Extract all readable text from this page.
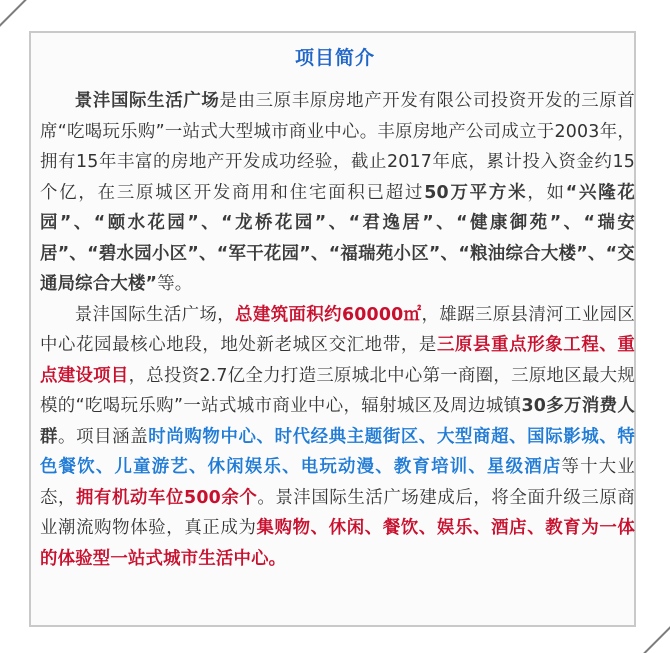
项目简介

景沣国际生活广场是由三原丰原房地产开发有限公司投资开发的三原首席“吃喝玩乐购”一站式大型城市商业中心。丰原房地产公司成立于2003年，拥有15年丰富的房地产开发成功经验，截止2017年底，累计投入资金约15个亿，在三原城区开发商用和住宅面积已超过50万平方米，如“兴隆花园”、“颐水花园”、“龙桥花园”、“君逸居”、“健康御苑”、“瑞安居”、“碧水园小区”、“军干花园”、“福瑞苑小区”、“粮油综合大楼”、“交通局综合大楼”等。

景沣国际生活广场，总建筑面积约60000㎡，雄踞三原县清河工业园区中心花园最核心地段，地处新老城区交汇地带，是三原县重点形象工程、重点建设项目，总投资2.7亿全力打造三原城北中心第一商圈，三原地区最大规模的“吃喝玩乐购”一站式城市商业中心，辐射城区及周边城镇30多万消费人群。项目涵盖时尚购物中心、时代经典主题街区、大型商超、国际影城、特色餐饮、儿童游艺、休闲娱乐、电玩动漫、教育培训、星级酒店等十大业态，拥有机动车位500余个。景沣国际生活广场建成后，将全面升级三原商业潮流购物体验，真正成为集购物、休闲、餐饮、娱乐、酒店、教育为一体的体验型一站式城市生活中心。
